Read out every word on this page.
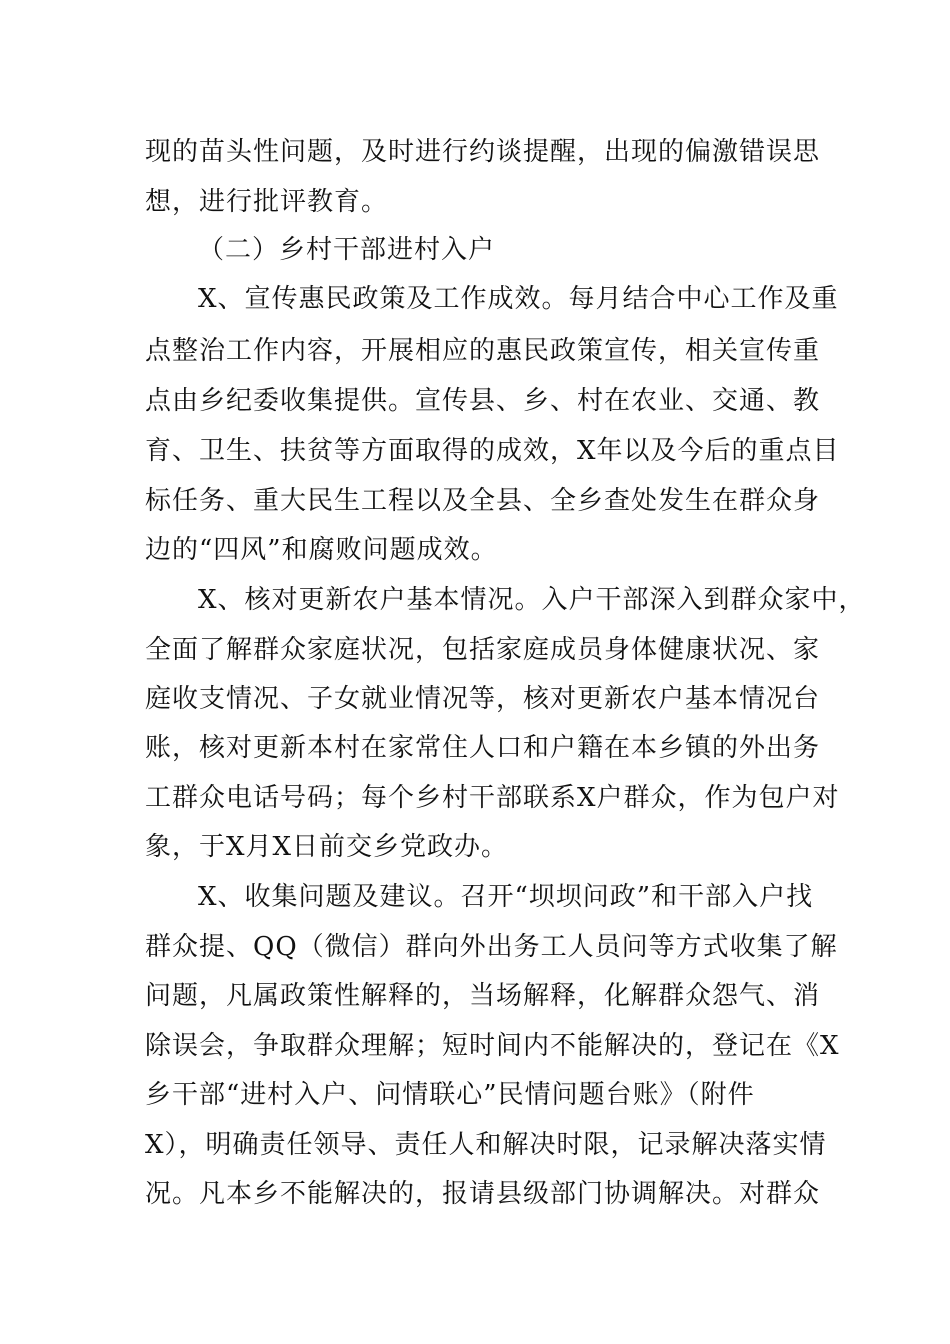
现的苗头性问题，及时进行约谈提醒，出现的偏激错误思
想，进行批评教育。
（二）乡村干部进村入户
X、宣传惠民政策及工作成效。每月结合中心工作及重
点整治工作内容，开展相应的惠民政策宣传，相关宣传重
点由乡纪委收集提供。宣传县、乡、村在农业、交通、教
育、卫生、扶贫等方面取得的成效，X年以及今后的重点目
标任务、重大民生工程以及全县、全乡查处发生在群众身
边的“四风”和腐败问题成效。
X、核对更新农户基本情况。入户干部深入到群众家中，
全面了解群众家庭状况，包括家庭成员身体健康状况、家
庭收支情况、子女就业情况等，核对更新农户基本情况台
账，核对更新本村在家常住人口和户籍在本乡镇的外出务
工群众电话号码；每个乡村干部联系X户群众，作为包户对
象，于X月X日前交乡党政办。
X、收集问题及建议。召开“坝坝问政”和干部入户找
群众提、QQ（微信）群向外出务工人员问等方式收集了解
问题，凡属政策性解释的，当场解释，化解群众怨气、消
除误会，争取群众理解；短时间内不能解决的，登记在《X
乡干部“进村入户、问情联心”民情问题台账》（附件
X），明确责任领导、责任人和解决时限，记录解决落实情
况。凡本乡不能解决的，报请县级部门协调解决。对群众
